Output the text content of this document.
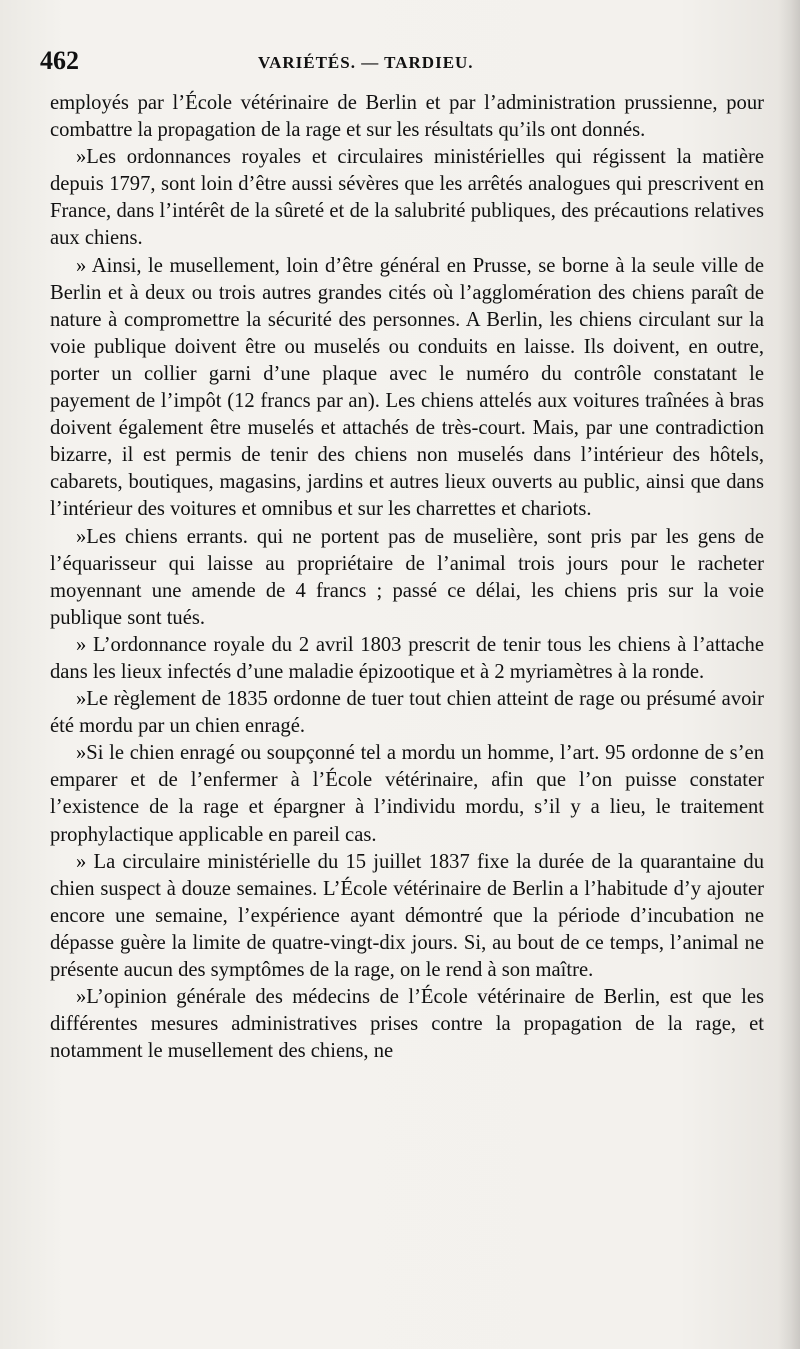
462	VARIÉTÉS. — TARDIEU.

employés par l’École vétérinaire de Berlin et par l’administration prussienne, pour combattre la propagation de la rage et sur les résultats qu’ils ont donnés.

»Les ordonnances royales et circulaires ministérielles qui régissent la matière depuis 1797, sont loin d’être aussi sévères que les arrêtés analogues qui prescrivent en France, dans l’intérêt de la sûreté et de la salubrité publiques, des précautions relatives aux chiens.

» Ainsi, le musellement, loin d’être général en Prusse, se borne à la seule ville de Berlin et à deux ou trois autres grandes cités où l’agglomération des chiens paraît de nature à compromettre la sécurité des personnes. A Berlin, les chiens circulant sur la voie publique doivent être ou muselés ou conduits en laisse. Ils doivent, en outre, porter un collier garni d’une plaque avec le numéro du contrôle constatant le payement de l’impôt (12 francs par an). Les chiens attelés aux voitures traînées à bras doivent également être muselés et attachés de très-court. Mais, par une contradiction bizarre, il est permis de tenir des chiens non muselés dans l’intérieur des hôtels, cabarets, boutiques, magasins, jardins et autres lieux ouverts au public, ainsi que dans l’intérieur des voitures et omnibus et sur les charrettes et chariots.

»Les chiens errants. qui ne portent pas de muselière, sont pris par les gens de l’équarisseur qui laisse au propriétaire de l’animal trois jours pour le racheter moyennant une amende de 4 francs ; passé ce délai, les chiens pris sur la voie publique sont tués.

» L’ordonnance royale du 2 avril 1803 prescrit de tenir tous les chiens à l’attache dans les lieux infectés d’une maladie épizootique et à 2 myriamètres à la ronde.

»Le règlement de 1835 ordonne de tuer tout chien atteint de rage ou présumé avoir été mordu par un chien enragé.

»Si le chien enragé ou soupçonné tel a mordu un homme, l’art. 95 ordonne de s’en emparer et de l’enfermer à l’École vétérinaire, afin que l’on puisse constater l’existence de la rage et épargner à l’individu mordu, s’il y a lieu, le traitement prophylactique applicable en pareil cas.

» La circulaire ministérielle du 15 juillet 1837 fixe la durée de la quarantaine du chien suspect à douze semaines. L’École vétérinaire de Berlin a l’habitude d’y ajouter encore une semaine, l’expérience ayant démontré que la période d’incubation ne dépasse guère la limite de quatre-vingt-dix jours. Si, au bout de ce temps, l’animal ne présente aucun des symptômes de la rage, on le rend à son maître.

»L’opinion générale des médecins de l’École vétérinaire de Berlin, est que les différentes mesures administratives prises contre la propagation de la rage, et notamment le musellement des chiens, ne
